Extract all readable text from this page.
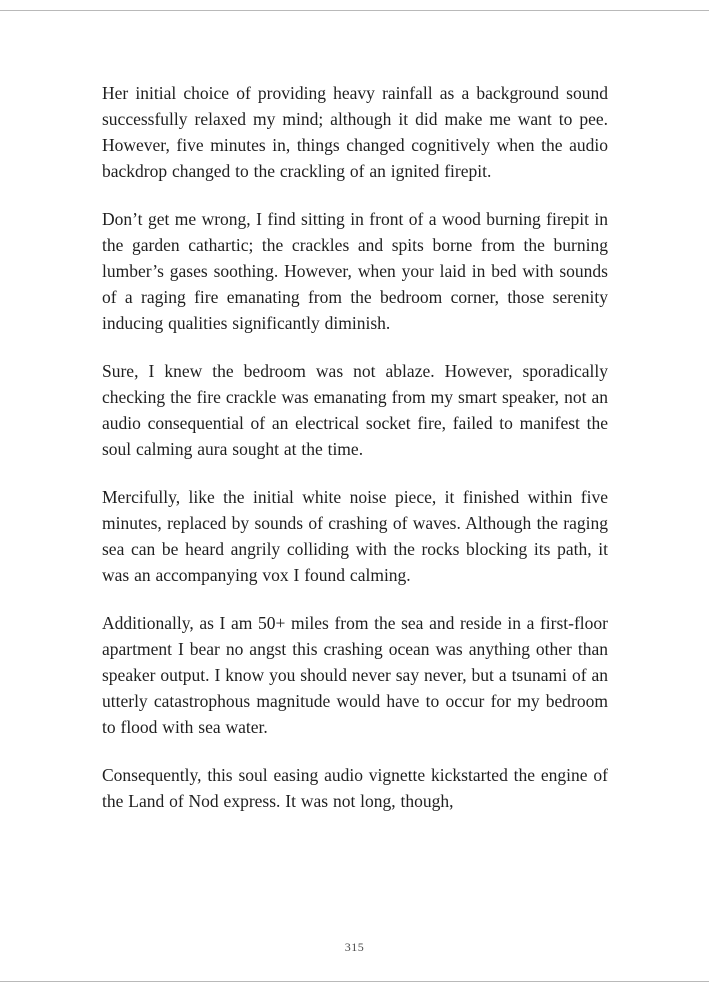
Her initial choice of providing heavy rainfall as a background sound successfully relaxed my mind; although it did make me want to pee. However, five minutes in, things changed cognitively when the audio backdrop changed to the crackling of an ignited firepit.

Don’t get me wrong, I find sitting in front of a wood burning firepit in the garden cathartic; the crackles and spits borne from the burning lumber’s gases soothing. However, when your laid in bed with sounds of a raging fire emanating from the bedroom corner, those serenity inducing qualities significantly diminish.

Sure, I knew the bedroom was not ablaze. However, sporadically checking the fire crackle was emanating from my smart speaker, not an audio consequential of an electrical socket fire, failed to manifest the soul calming aura sought at the time.

Mercifully, like the initial white noise piece, it finished within five minutes, replaced by sounds of crashing of waves. Although the raging sea can be heard angrily colliding with the rocks blocking its path, it was an accompanying vox I found calming.

Additionally, as I am 50+ miles from the sea and reside in a first-floor apartment I bear no angst this crashing ocean was anything other than speaker output. I know you should never say never, but a tsunami of an utterly catastrophous magnitude would have to occur for my bedroom to flood with sea water.

Consequently, this soul easing audio vignette kickstarted the engine of the Land of Nod express. It was not long, though,

315
